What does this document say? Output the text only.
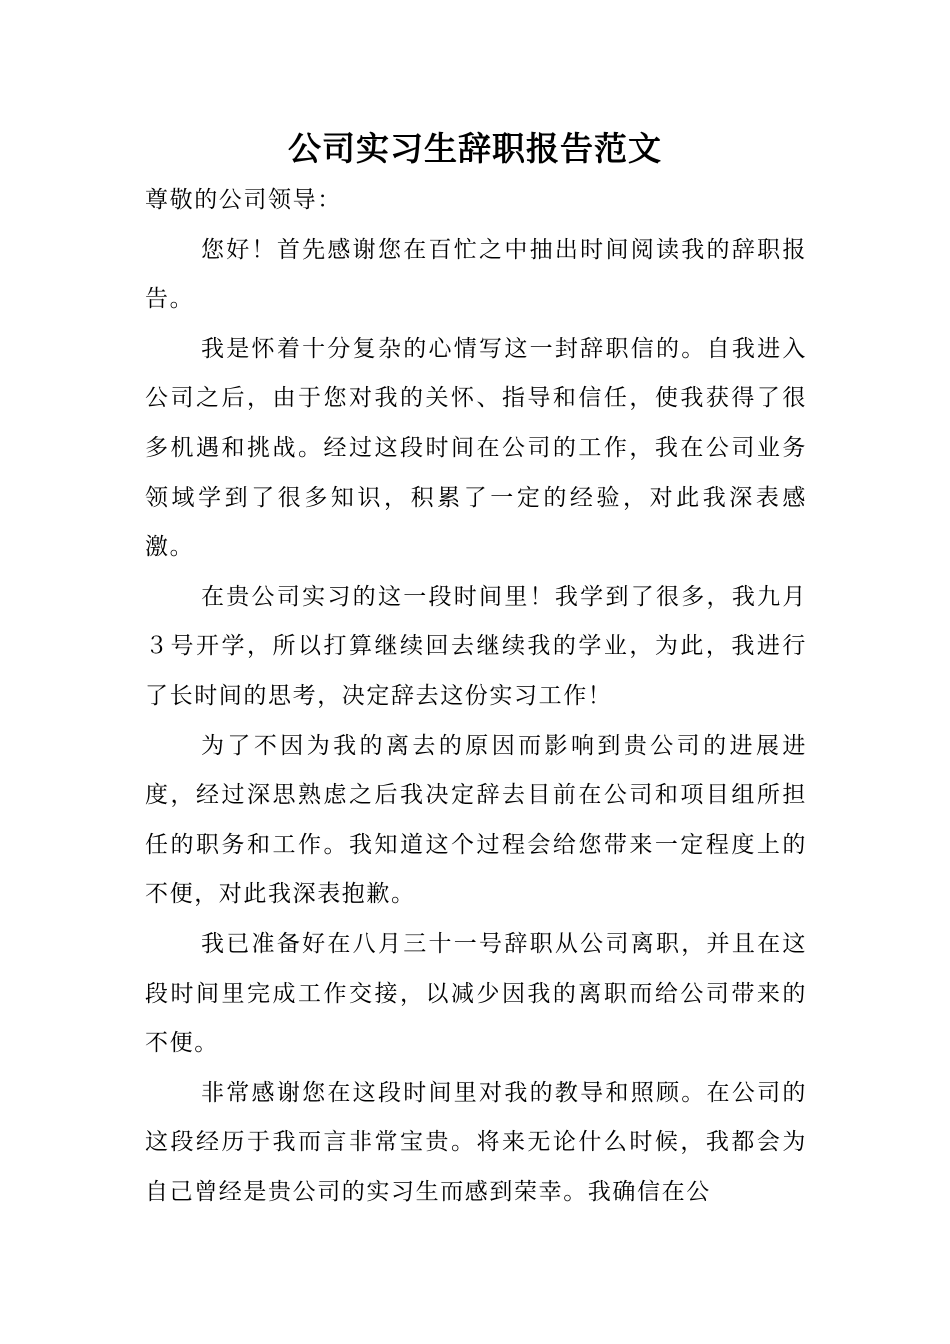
公司实习生辞职报告范文

尊敬的公司领导：

您好！首先感谢您在百忙之中抽出时间阅读我的辞职报告。

我是怀着十分复杂的心情写这一封辞职信的。自我进入公司之后，由于您对我的关怀、指导和信任，使我获得了很多机遇和挑战。经过这段时间在公司的工作，我在公司业务领域学到了很多知识，积累了一定的经验，对此我深表感激。

在贵公司实习的这一段时间里！我学到了很多，我九月３号开学，所以打算继续回去继续我的学业，为此，我进行了长时间的思考，决定辞去这份实习工作！

为了不因为我的离去的原因而影响到贵公司的进展进度，经过深思熟虑之后我决定辞去目前在公司和项目组所担任的职务和工作。我知道这个过程会给您带来一定程度上的不便，对此我深表抱歉。

我已准备好在八月三十一号辞职从公司离职，并且在这段时间里完成工作交接，以减少因我的离职而给公司带来的不便。

非常感谢您在这段时间里对我的教导和照顾。在公司的这段经历于我而言非常宝贵。将来无论什么时候，我都会为自己曾经是贵公司的实习生而感到荣幸。我确信在公
